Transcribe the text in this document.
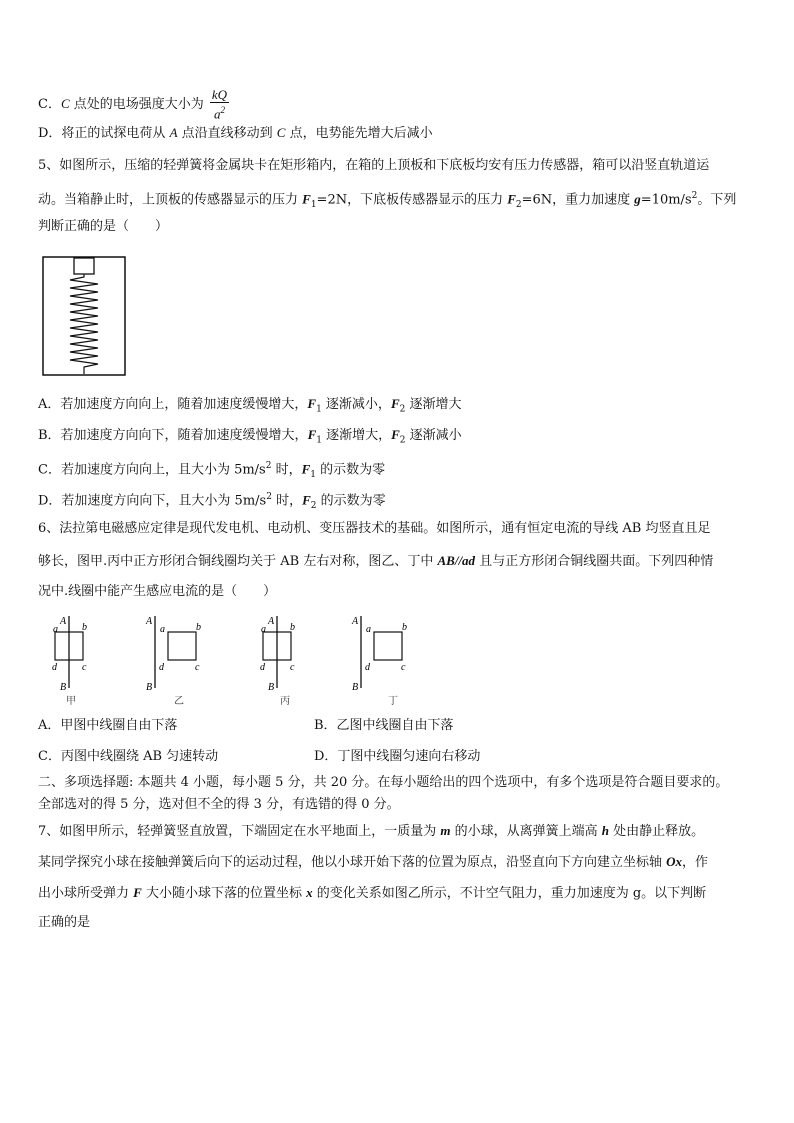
C．C 点处的电场强度大小为 $\frac{kQ}{a^2}$
D．将正的试探电荷从 A 点沿直线移动到 C 点，电势能先增大后减小
5、如图所示，压缩的轻弹簧将金属块卡在矩形箱内，在箱的上顶板和下底板均安有压力传感器，箱可以沿竖直轨道运
动。当箱静止时，上顶板的传感器显示的压力 $F_1=2N$，下底板传感器显示的压力 $F_2=6N$，重力加速度 $g=10m/s^2$。下列
判断正确的是（　　）
A．若加速度方向向上，随着加速度缓慢增大，$F_1$ 逐渐减小，$F_2$ 逐渐增大
B．若加速度方向向下，随着加速度缓慢增大，$F_1$ 逐渐增大，$F_2$ 逐渐减小
C．若加速度方向向上，且大小为 $5m/s^2$ 时，$F_1$ 的示数为零
D．若加速度方向向下，且大小为 $5m/s^2$ 时，$F_2$ 的示数为零
6、法拉第电磁感应定律是现代发电机、电动机、变压器技术的基础。如图所示，通有恒定电流的导线 AB 均竖直且足
够长，图甲.丙中正方形闭合铜线圈均关于 AB 左右对称，图乙、丁中 AB//ad 且与正方形闭合铜线圈共面。下列四种情
况中.线圈中能产生感应电流的是（　　）
A
a b
d	c
B
甲
A
a	b
d	c
B
乙
A
a b
d	c
B
丙
A
a	b
d	c
B
丁
A．甲图中线圈自由下落	B．乙图中线圈自由下落
C．丙图中线圈绕 AB 匀速转动	D．丁图中线圈匀速向右移动
二、多项选择题: 本题共 4 小题，每小题 5 分，共 20 分。在每小题给出的四个选项中，有多个选项是符合题目要求的。
全部选对的得 5 分，选对但不全的得 3 分，有选错的得 0 分。
7、如图甲所示，轻弹簧竖直放置，下端固定在水平地面上，一质量为 m 的小球，从离弹簧上端高 h 处由静止释放。
某同学探究小球在接触弹簧后向下的运动过程，他以小球开始下落的位置为原点，沿竖直向下方向建立坐标轴 Ox，作
出小球所受弹力 F 大小随小球下落的位置坐标 x 的变化关系如图乙所示，不计空气阻力，重力加速度为 g。以下判断
正确的是
